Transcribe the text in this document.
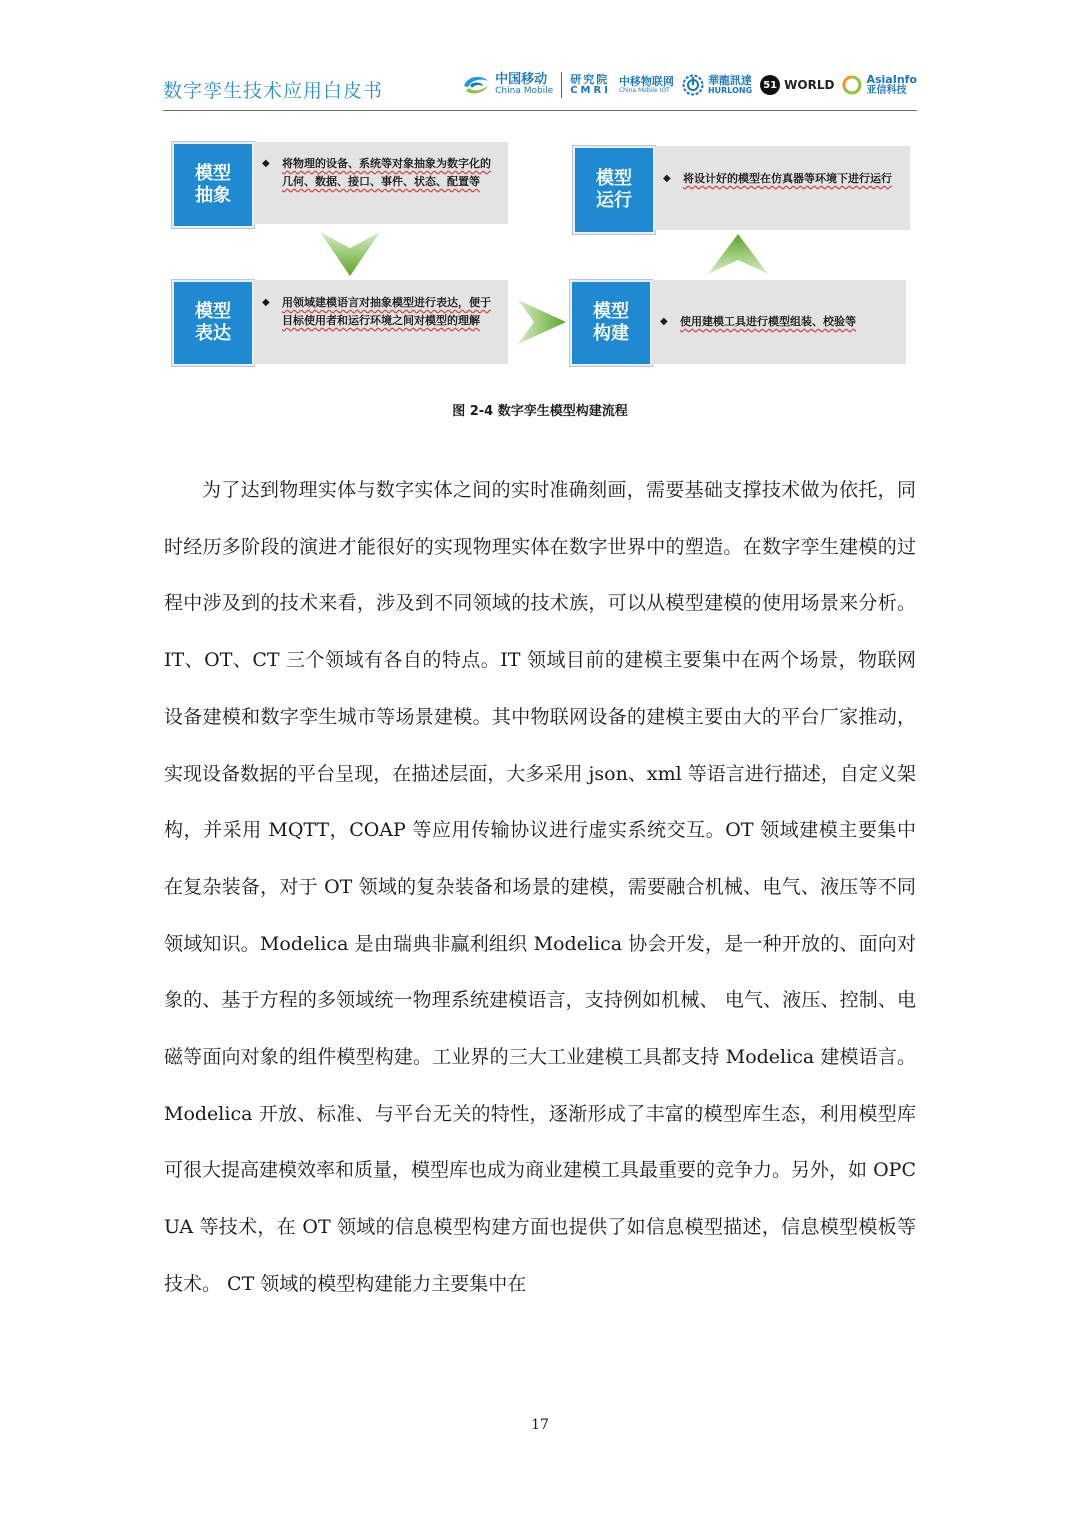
数字孪生技术应用白皮书
中国移动
China Mobile
研究院
CMRI
中移物联网
China Mobile IOT
華龍訊達
HURLONG	51 WORLD	AsiaInfo
亚信科技
模型抽象
◆ 将物理的设备、系统等对象抽象为数字化的几何、数据、接口、事件、状态、配置等	模型运行
◆ 将设计好的模型在仿真器等环境下进行运行
模型表达
◆ 用领域建模语言对抽象模型进行表达，便于目标使用者和运行环境之间对模型的理解	模型构建
◆ 使用建模工具进行模型组装、校验等
图 2-4 数字孪生模型构建流程
为了达到物理实体与数字实体之间的实时准确刻画，需要基础支撑技术做为依托，同时经历多阶段的演进才能很好的实现物理实体在数字世界中的塑造。在数字孪生建模的过程中涉及到的技术来看，涉及到不同领域的技术族，可以从模型建模的使用场景来分析。IT、OT、CT 三个领域有各自的特点。IT 领域目前的建模主要集中在两个场景，物联网设备建模和数字孪生城市等场景建模。其中物联网设备的建模主要由大的平台厂家推动，实现设备数据的平台呈现，在描述层面，大多采用 json、xml 等语言进行描述，自定义架构，并采用 MQTT，COAP 等应用传输协议进行虚实系统交互。OT 领域建模主要集中在复杂装备，对于 OT 领域的复杂装备和场景的建模，需要融合机械、电气、液压等不同领域知识。Modelica 是由瑞典非赢利组织 Modelica 协会开发，是一种开放的、面向对象的、基于方程的多领域统一物理系统建模语言，支持例如机械、 电气、液压、控制、电磁等面向对象的组件模型构建。工业界的三大工业建模工具都支持 Modelica 建模语言。Modelica 开放、标准、与平台无关的特性，逐渐形成了丰富的模型库生态，利用模型库可很大提高建模效率和质量，模型库也成为商业建模工具最重要的竞争力。另外，如 OPC UA 等技术，在 OT 领域的信息模型构建方面也提供了如信息模型描述，信息模型模板等技术。 CT 领域的模型构建能力主要集中在
17
